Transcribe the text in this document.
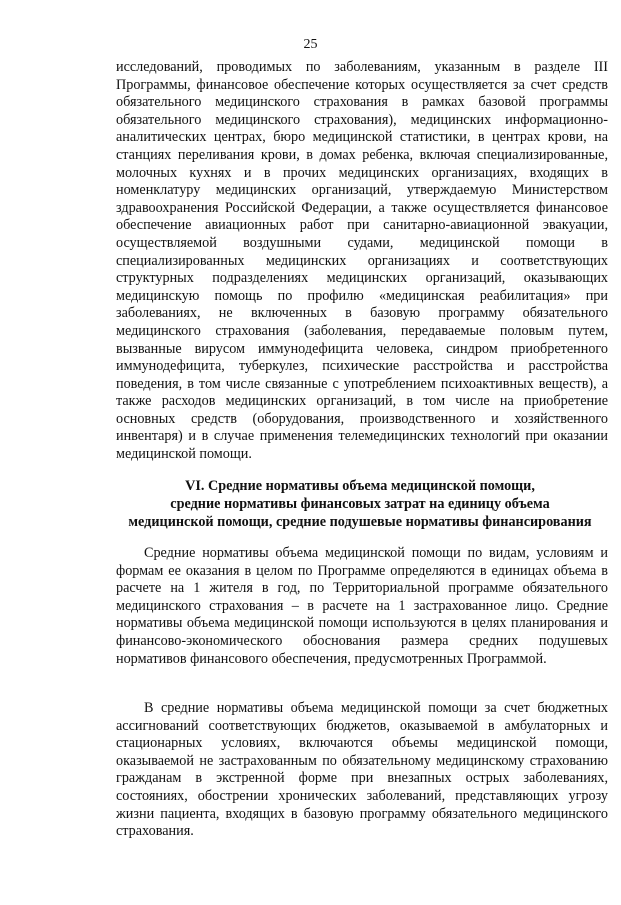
25

исследований, проводимых по заболеваниям, указанным в разделе III Программы, финансовое обеспечение которых осуществляется за счет средств обязательного медицинского страхования в рамках базовой программы обязательного медицинского страхования), медицинских информационно-аналитических центрах, бюро медицинской статистики, в центрах крови, на станциях переливания крови, в домах ребенка, включая специализированные, молочных кухнях и в прочих медицинских организациях, входящих в номенклатуру медицинских организаций, утверждаемую Министерством здравоохранения Российской Федерации, а также осуществляется финансовое обеспечение авиационных работ при санитарно-авиационной эвакуации, осуществляемой воздушными судами, медицинской помощи в специализированных медицинских организациях и соответствующих структурных подразделениях медицинских организаций, оказывающих медицинскую помощь по профилю «медицинская реабилитация» при заболеваниях, не включенных в базовую программу обязательного медицинского страхования (заболевания, передаваемые половым путем, вызванные вирусом иммунодефицита человека, синдром приобретенного иммунодефицита, туберкулез, психические расстройства и расстройства поведения, в том числе связанные с употреблением психоактивных веществ), а также расходов медицинских организаций, в том числе на приобретение основных средств (оборудования, производственного и хозяйственного инвентаря) и в случае применения телемедицинских технологий при оказании медицинской помощи.

VI. Средние нормативы объема медицинской помощи,
средние нормативы финансовых затрат на единицу объема
медицинской помощи, средние подушевые нормативы финансирования

Средние нормативы объема медицинской помощи по видам, условиям и формам ее оказания в целом по Программе определяются в единицах объема в расчете на 1 жителя в год, по Территориальной программе обязательного медицинского страхования – в расчете на 1 застрахованное лицо. Средние нормативы объема медицинской помощи используются в целях планирования и финансово-экономического обоснования размера средних подушевых нормативов финансового обеспечения, предусмотренных Программой.

В средние нормативы объема медицинской помощи за счет бюджетных ассигнований соответствующих бюджетов, оказываемой в амбулаторных и стационарных условиях, включаются объемы медицинской помощи, оказываемой не застрахованным по обязательному медицинскому страхованию гражданам в экстренной форме при внезапных острых заболеваниях, состояниях, обострении хронических заболеваний, представляющих угрозу жизни пациента, входящих в базовую программу обязательного медицинского страхования.
